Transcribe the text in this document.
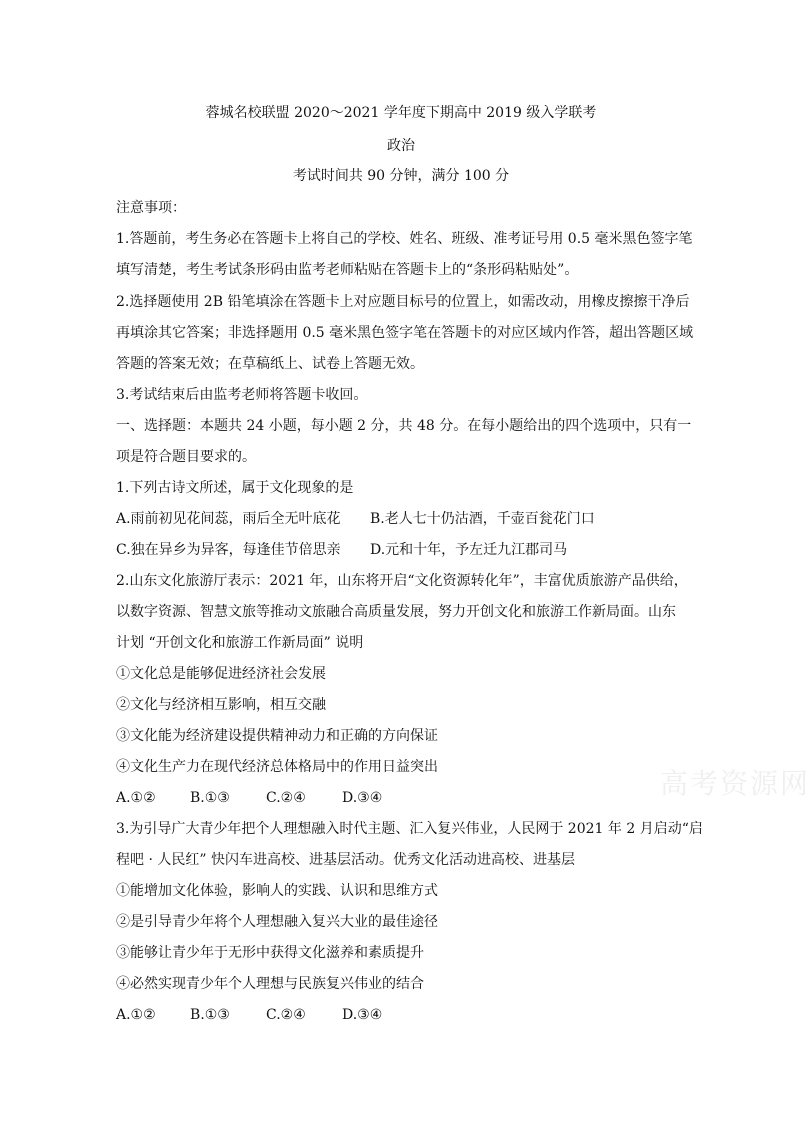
蓉城名校联盟 2020～2021 学年度下期高中 2019 级入学联考
政治
考试时间共 90 分钟，满分 100 分
注意事项：
1.答题前，考生务必在答题卡上将自己的学校、姓名、班级、准考证号用 0.5 毫米黑色签字笔
填写清楚，考生考试条形码由监考老师粘贴在答题卡上的“条形码粘贴处”。
2.选择题使用 2B 铅笔填涂在答题卡上对应题目标号的位置上，如需改动，用橡皮擦擦干净后
再填涂其它答案；非选择题用 0.5 毫米黑色签字笔在答题卡的对应区域内作答，超出答题区域
答题的答案无效；在草稿纸上、试卷上答题无效。
3.考试结束后由监考老师将答题卡收回。
一、选择题：本题共 24 小题，每小题 2 分，共 48 分。在每小题给出的四个选项中，只有一
项是符合题目要求的。
1.下列古诗文所述，属于文化现象的是
A.雨前初见花间蕊，雨后全无叶底花 B.老人七十仍沽酒，千壶百瓮花门口
C.独在异乡为异客，每逢佳节倍思亲 D.元和十年，予左迁九江郡司马
2.山东文化旅游厅表示：2021 年，山东将开启“文化资源转化年”，丰富优质旅游产品供给，
以数字资源、智慧文旅等推动文旅融合高质量发展，努力开创文化和旅游工作新局面。山东
计划 “开创文化和旅游工作新局面” 说明
①文化总是能够促进经济社会发展
②文化与经济相互影响，相互交融
③文化能为经济建设提供精神动力和正确的方向保证
④文化生产力在现代经济总体格局中的作用日益突出
A.①② B.①③	C.②④	D.③④
3.为引导广大青少年把个人理想融入时代主题、汇入复兴伟业，人民网于 2021 年 2 月启动“启
程吧 · 人民红” 快闪车进高校、进基层活动。优秀文化活动进高校、进基层
①能增加文化体验，影响人的实践、认识和思维方式
②是引导青少年将个人理想融入复兴大业的最佳途径
③能够让青少年于无形中获得文化滋养和素质提升
④必然实现青少年个人理想与民族复兴伟业的结合
A.①② B.①③	C.②④	D.③④
高考资源网
